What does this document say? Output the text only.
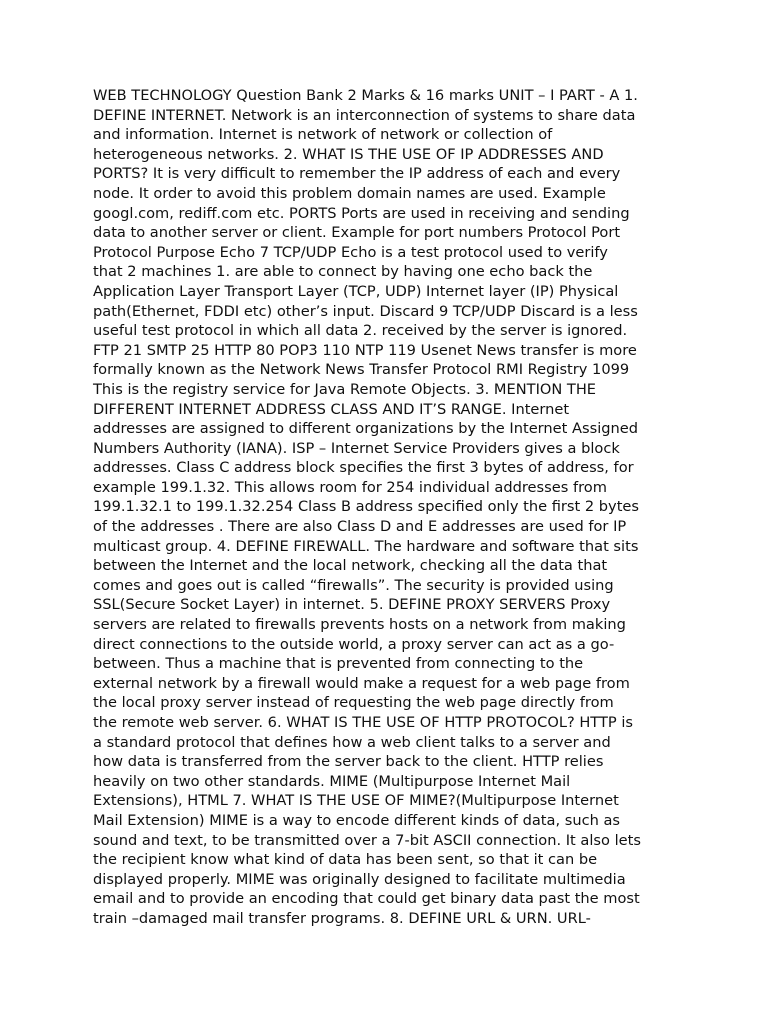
WEB TECHNOLOGY Question Bank 2 Marks & 16 marks UNIT – I PART - A 1.
DEFINE INTERNET. Network is an interconnection of systems to share data
and information. Internet is network of network or collection of
heterogeneous networks. 2. WHAT IS THE USE OF IP ADDRESSES AND
PORTS? It is very difficult to remember the IP address of each and every
node. It order to avoid this problem domain names are used. Example
googl.com, rediff.com etc. PORTS Ports are used in receiving and sending
data to another server or client. Example for port numbers Protocol Port
Protocol Purpose Echo 7 TCP/UDP Echo is a test protocol used to verify
that 2 machines 1. are able to connect by having one echo back the
Application Layer Transport Layer (TCP, UDP) Internet layer (IP) Physical
path(Ethernet, FDDI etc) other’s input. Discard 9 TCP/UDP Discard is a less
useful test protocol in which all data 2. received by the server is ignored.
FTP 21 SMTP 25 HTTP 80 POP3 110 NTP 119 Usenet News transfer is more
formally known as the Network News Transfer Protocol RMI Registry 1099
This is the registry service for Java Remote Objects. 3. MENTION THE
DIFFERENT INTERNET ADDRESS CLASS AND IT’S RANGE. Internet
addresses are assigned to different organizations by the Internet Assigned
Numbers Authority (IANA). ISP – Internet Service Providers gives a block
addresses. Class C address block specifies the first 3 bytes of address, for
example 199.1.32. This allows room for 254 individual addresses from
199.1.32.1 to 199.1.32.254 Class B address specified only the first 2 bytes
of the addresses . There are also Class D and E addresses are used for IP
multicast group. 4. DEFINE FIREWALL. The hardware and software that sits
between the Internet and the local network, checking all the data that
comes and goes out is called “firewalls”. The security is provided using
SSL(Secure Socket Layer) in internet. 5. DEFINE PROXY SERVERS Proxy
servers are related to firewalls prevents hosts on a network from making
direct connections to the outside world, a proxy server can act as a go-
between. Thus a machine that is prevented from connecting to the
external network by a firewall would make a request for a web page from
the local proxy server instead of requesting the web page directly from
the remote web server. 6. WHAT IS THE USE OF HTTP PROTOCOL? HTTP is
a standard protocol that defines how a web client talks to a server and
how data is transferred from the server back to the client. HTTP relies
heavily on two other standards. MIME (Multipurpose Internet Mail
Extensions), HTML 7. WHAT IS THE USE OF MIME?(Multipurpose Internet
Mail Extension) MIME is a way to encode different kinds of data, such as
sound and text, to be transmitted over a 7-bit ASCII connection. It also lets
the recipient know what kind of data has been sent, so that it can be
displayed properly. MIME was originally designed to facilitate multimedia
email and to provide an encoding that could get binary data past the most
train –damaged mail transfer programs. 8. DEFINE URL & URN. URL-
